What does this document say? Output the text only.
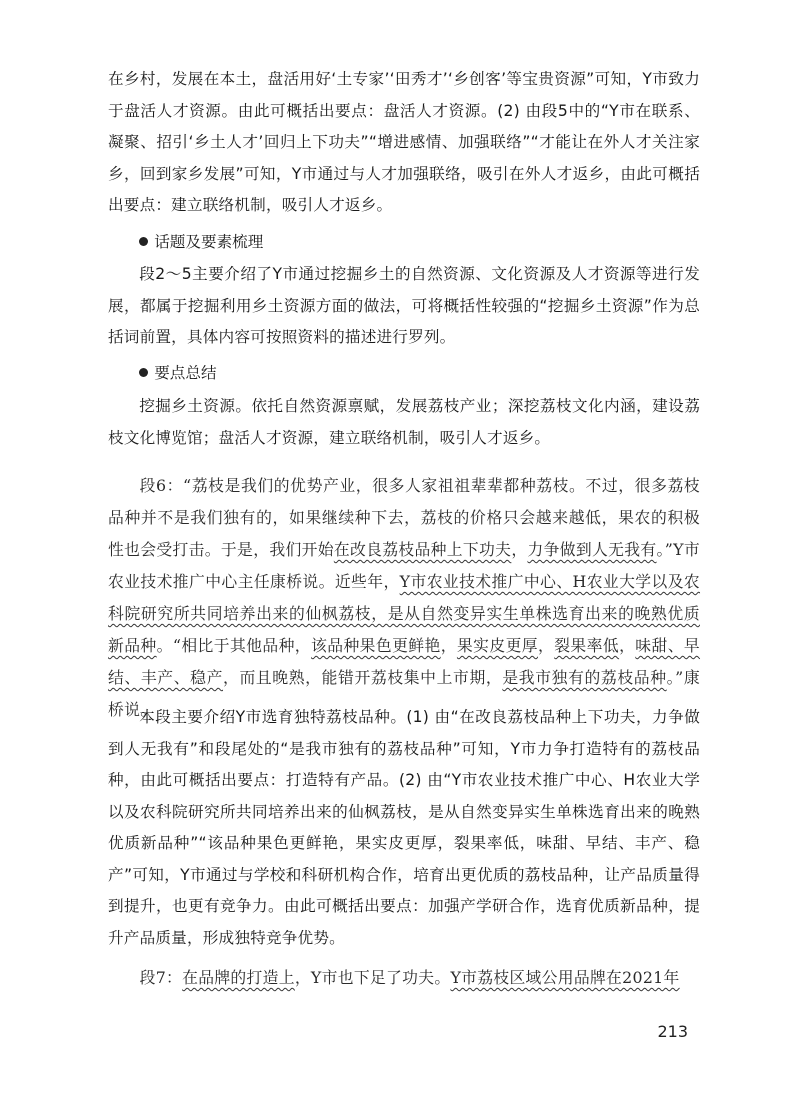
在乡村，发展在本土，盘活用好‘土专家’‘田秀才’‘乡创客’等宝贵资源”可知，Y市致力于盘活人才资源。由此可概括出要点：盘活人才资源。(2) 由段5中的“Y市在联系、凝聚、招引‘乡土人才’回归上下功夫”“增进感情、加强联络”“才能让在外人才关注家乡，回到家乡发展”可知，Y市通过与人才加强联络，吸引在外人才返乡，由此可概括出要点：建立联络机制，吸引人才返乡。

话题及要素梳理

段2～5主要介绍了Y市通过挖掘乡土的自然资源、文化资源及人才资源等进行发展，都属于挖掘利用乡土资源方面的做法，可将概括性较强的“挖掘乡土资源”作为总括词前置，具体内容可按照资料的描述进行罗列。

要点总结

挖掘乡土资源。依托自然资源禀赋，发展荔枝产业；深挖荔枝文化内涵，建设荔枝文化博览馆；盘活人才资源，建立联络机制，吸引人才返乡。

段6：“荔枝是我们的优势产业，很多人家祖祖辈辈都种荔枝。不过，很多荔枝品种并不是我们独有的，如果继续种下去，荔枝的价格只会越来越低，果农的积极性也会受打击。于是，我们开始在改良荔枝品种上下功夫，力争做到人无我有。”Y市农业技术推广中心主任康桥说。近些年，Y市农业技术推广中心、H农业大学以及农科院研究所共同培养出来的仙枫荔枝，是从自然变异实生单株选育出来的晚熟优质新品种。“相比于其他品种，该品种果色更鲜艳，果实皮更厚，裂果率低，味甜、早结、丰产、稳产，而且晚熟，能错开荔枝集中上市期，是我市独有的荔枝品种。”康桥说。

本段主要介绍Y市选育独特荔枝品种。(1) 由“在改良荔枝品种上下功夫，力争做到人无我有”和段尾处的“是我市独有的荔枝品种”可知，Y市力争打造特有的荔枝品种，由此可概括出要点：打造特有产品。(2) 由“Y市农业技术推广中心、H农业大学以及农科院研究所共同培养出来的仙枫荔枝，是从自然变异实生单株选育出来的晚熟优质新品种”“该品种果色更鲜艳，果实皮更厚，裂果率低，味甜、早结、丰产、稳产”可知，Y市通过与学校和科研机构合作，培育出更优质的荔枝品种，让产品质量得到提升，也更有竞争力。由此可概括出要点：加强产学研合作，选育优质新品种，提升产品质量，形成独特竞争优势。

段7：在品牌的打造上，Y市也下足了功夫。Y市荔枝区域公用品牌在2021年

213
